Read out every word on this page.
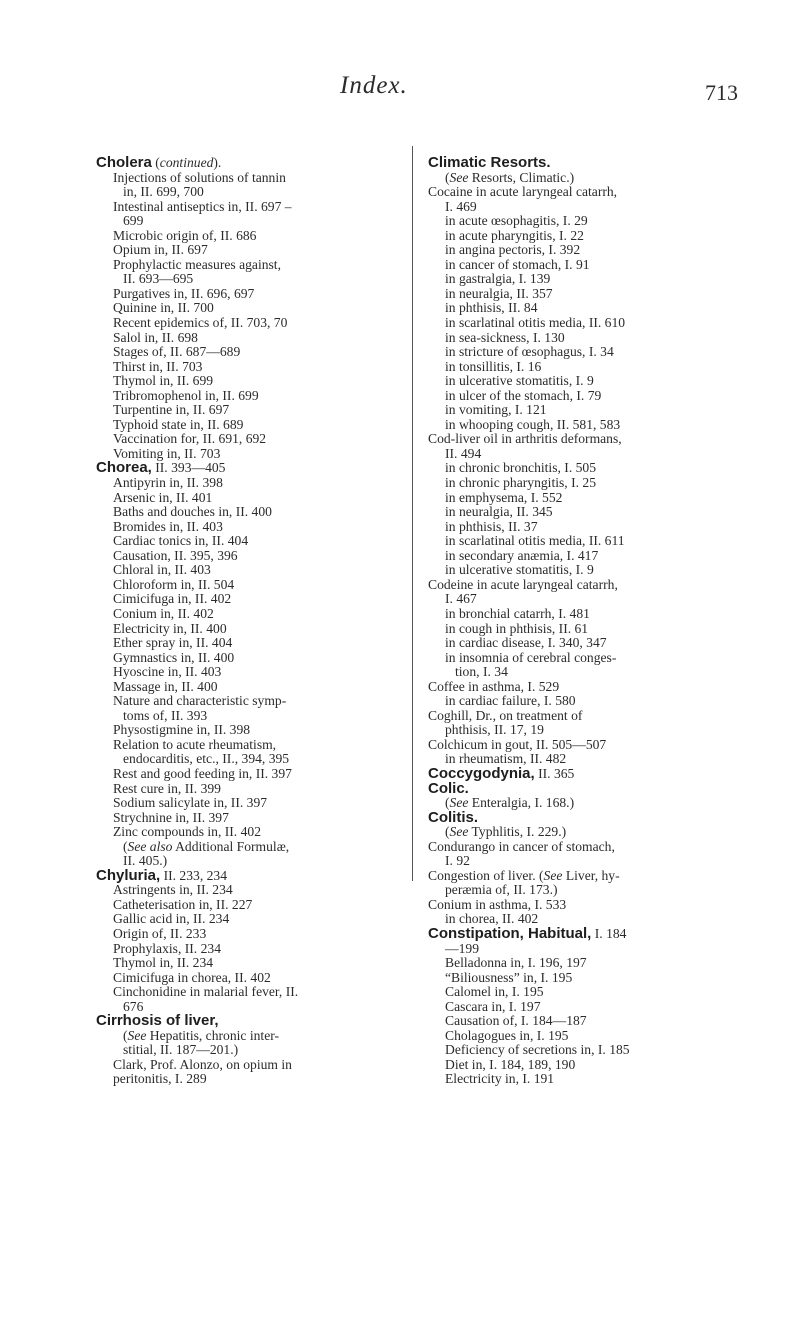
Index.	713
Cholera (continued).
Injections of solutions of tannin
in, II. 699, 700
Intestinal antiseptics in, II. 697 –
699
Microbic origin of, II. 686
Opium in, II. 697
Prophylactic measures against,
II. 693—695
Purgatives in, II. 696, 697
Quinine in, II. 700
Recent epidemics of, II. 703, 70
Salol in, II. 698
Stages of, II. 687—689
Thirst in, II. 703
Thymol in, II. 699
Tribromophenol in, II. 699
Turpentine in, II. 697
Typhoid state in, II. 689
Vaccination for, II. 691, 692
Vomiting in, II. 703
Chorea, II. 393—405
Antipyrin in, II. 398
Arsenic in, II. 401
Baths and douches in, II. 400
Bromides in, II. 403
Cardiac tonics in, II. 404
Causation, II. 395, 396
Chloral in, II. 403
Chloroform in, II. 504
Cimicifuga in, II. 402
Conium in, II. 402
Electricity in, II. 400
Ether spray in, II. 404
Gymnastics in, II. 400
Hyoscine in, II. 403
Massage in, II. 400
Nature and characteristic symp-
toms of, II. 393
Physostigmine in, II. 398
Relation to acute rheumatism,
endocarditis, etc., II., 394, 395
Rest and good feeding in, II. 397
Rest cure in, II. 399
Sodium salicylate in, II. 397
Strychnine in, II. 397
Zinc compounds in, II. 402
(See also Additional Formulæ,
II. 405.)
Chyluria, II. 233, 234
Astringents in, II. 234
Catheterisation in, II. 227
Gallic acid in, II. 234
Origin of, II. 233
Prophylaxis, II. 234
Thymol in, II. 234
Cimicifuga in chorea, II. 402
Cinchonidine in malarial fever, II.
676
Cirrhosis of liver,
(See Hepatitis, chronic inter-
stitial, II. 187—201.)
Clark, Prof. Alonzo, on opium in
peritonitis, I. 289
Climatic Resorts.
(See Resorts, Climatic.)
Cocaine in acute laryngeal catarrh,
I. 469
in acute œsophagitis, I. 29
in acute pharyngitis, I. 22
in angina pectoris, I. 392
in cancer of stomach, I. 91
in gastralgia, I. 139
in neuralgia, II. 357
in phthisis, II. 84
in scarlatinal otitis media, II. 610
in sea-sickness, I. 130
in stricture of œsophagus, I. 34
in tonsillitis, I. 16
in ulcerative stomatitis, I. 9
in ulcer of the stomach, I. 79
in vomiting, I. 121
in whooping cough, II. 581, 583
Cod-liver oil in arthritis deformans,
II. 494
in chronic bronchitis, I. 505
in chronic pharyngitis, I. 25
in emphysema, I. 552
in neuralgia, II. 345
in phthisis, II. 37
in scarlatinal otitis media, II. 611
in secondary anæmia, I. 417
in ulcerative stomatitis, I. 9
Codeine in acute laryngeal catarrh,
I. 467
in bronchial catarrh, I. 481
in cough in phthisis, II. 61
in cardiac disease, I. 340, 347
in insomnia of cerebral conges-
tion, I. 34
Coffee in asthma, I. 529
in cardiac failure, I. 580
Coghill, Dr., on treatment of
phthisis, II. 17, 19
Colchicum in gout, II. 505—507
in rheumatism, II. 482
Coccygodynia, II. 365
Colic.
(See Enteralgia, I. 168.)
Colitis.
(See Typhlitis, I. 229.)
Condurango in cancer of stomach,
I. 92
Congestion of liver. (See Liver, hy-
peræmia of, II. 173.)
Conium in asthma, I. 533
in chorea, II. 402
Constipation, Habitual, I. 184
—199
Belladonna in, I. 196, 197
“Biliousness” in, I. 195
Calomel in, I. 195
Cascara in, I. 197
Causation of, I. 184—187
Cholagogues in, I. 195
Deficiency of secretions in, I. 185
Diet in, I. 184, 189, 190
Electricity in, I. 191
